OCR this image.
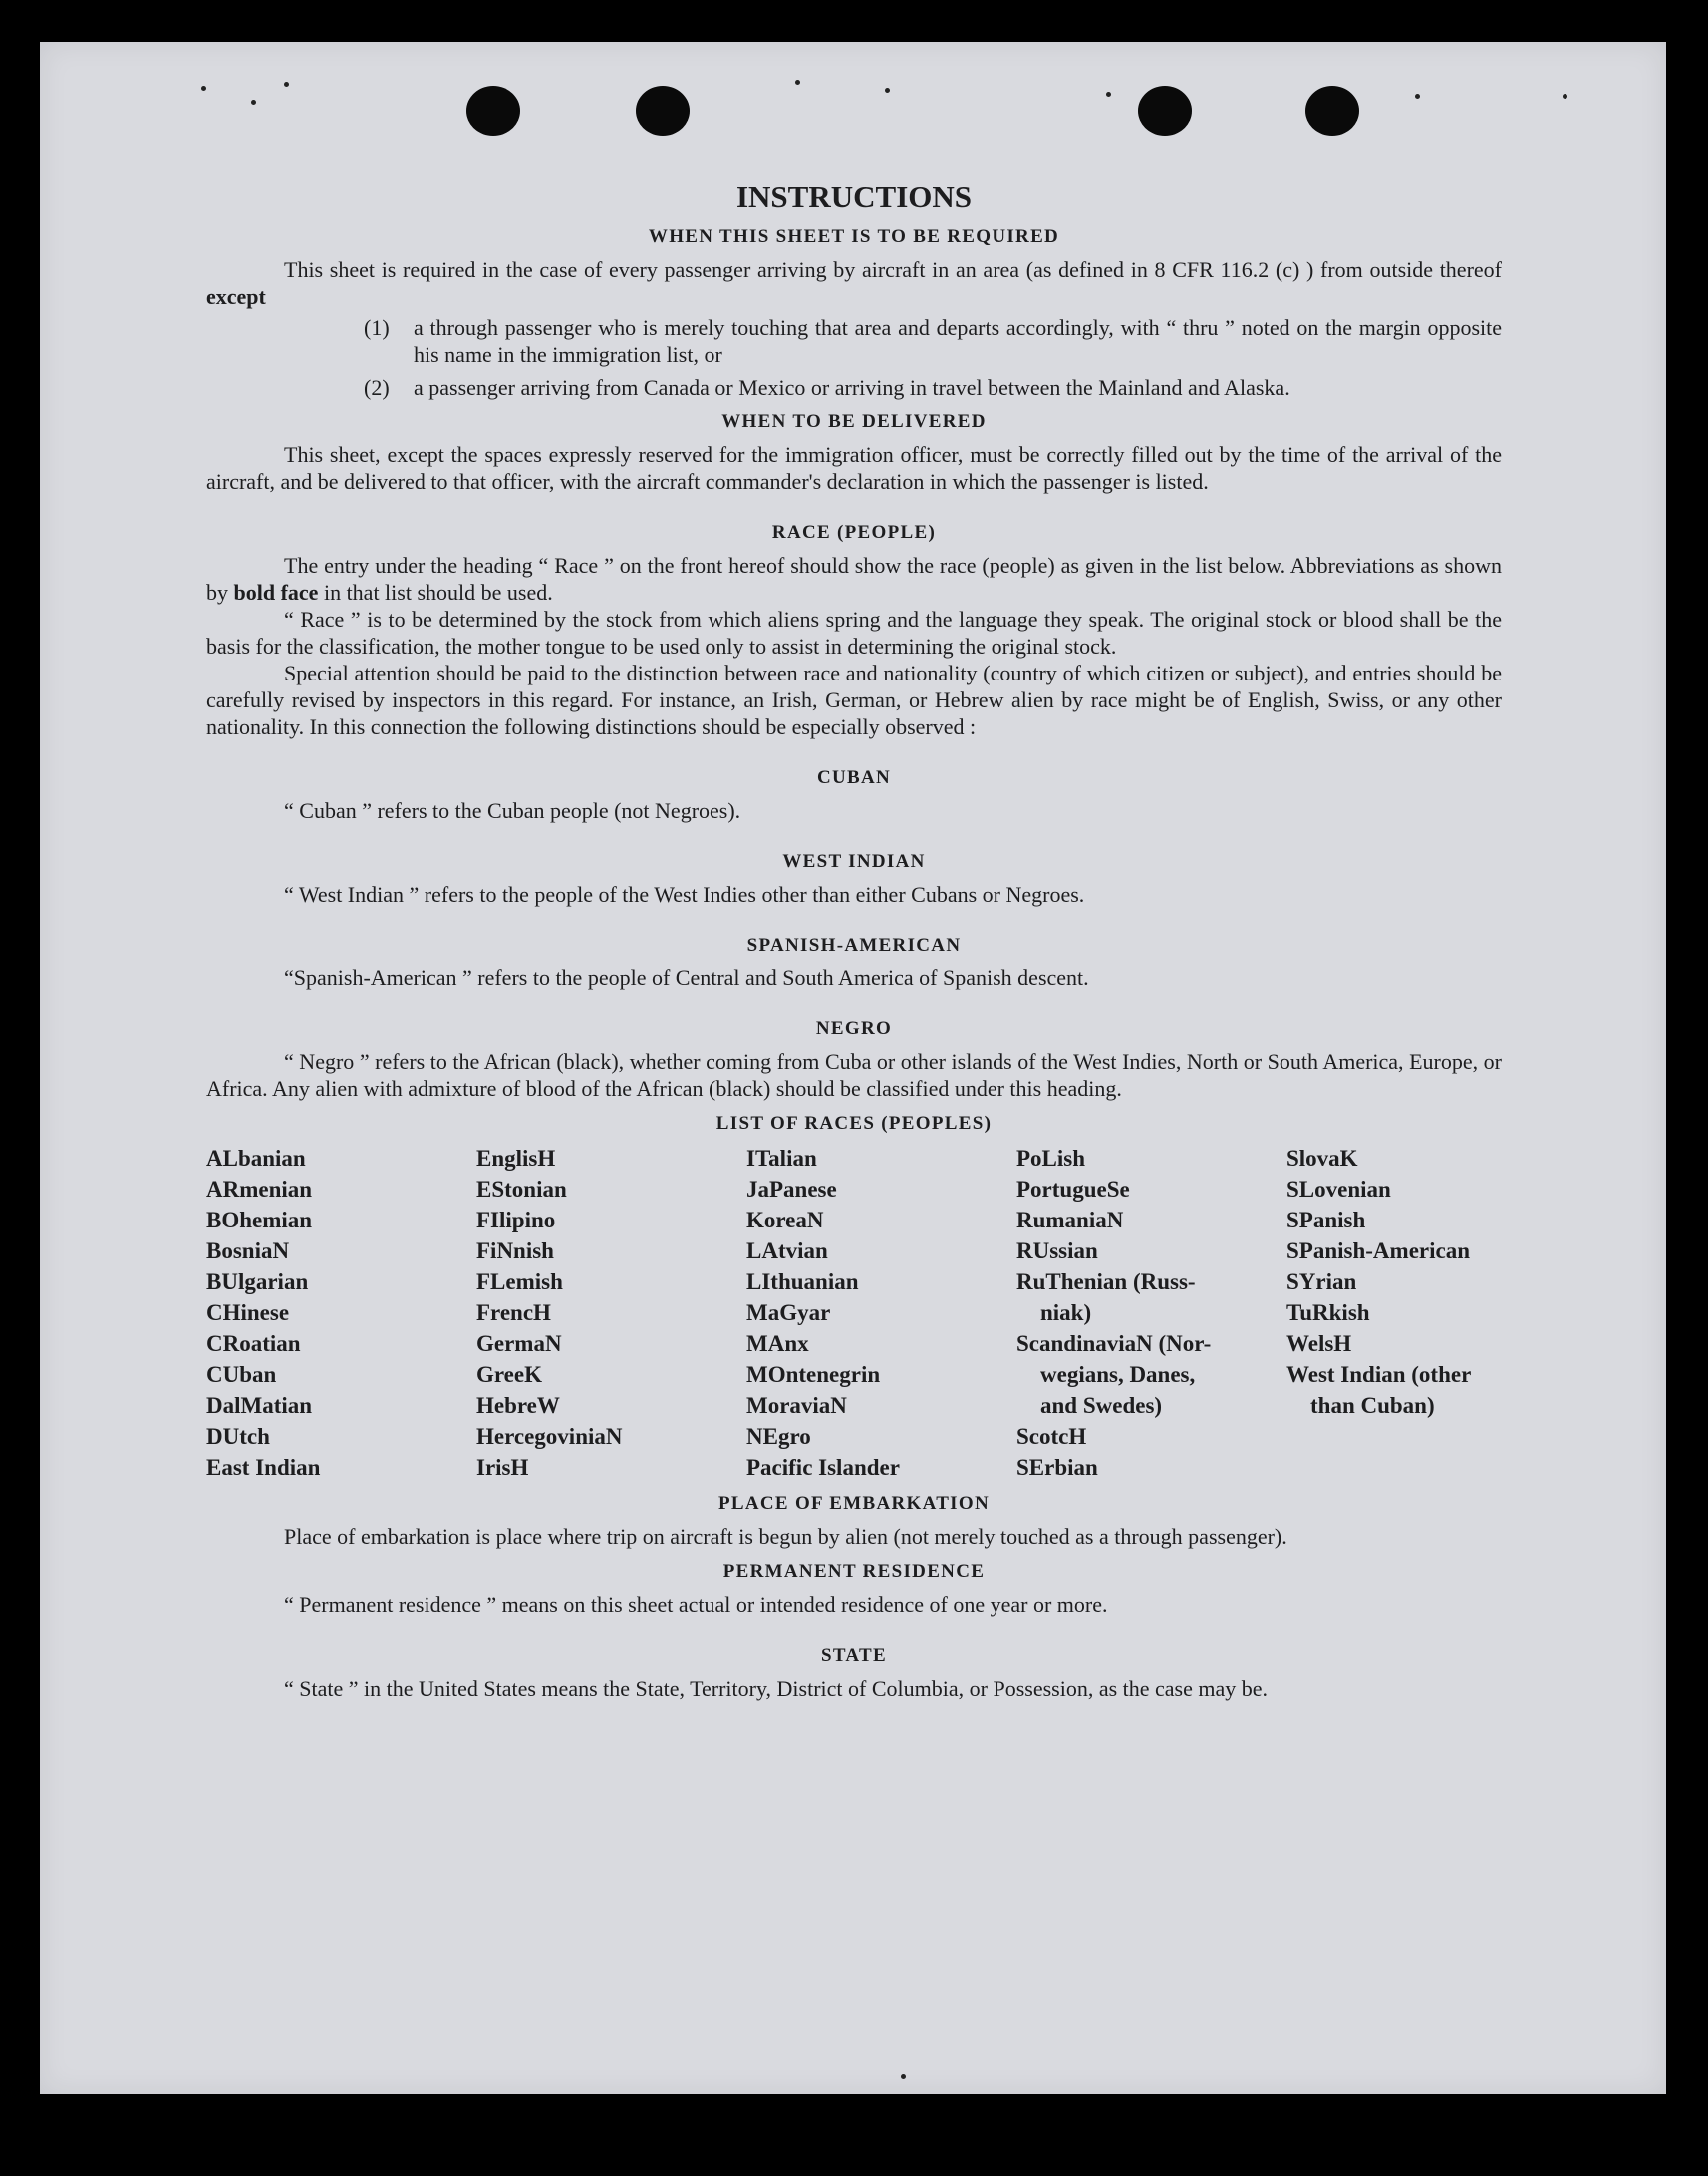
INSTRUCTIONS
WHEN THIS SHEET IS TO BE REQUIRED

This sheet is required in the case of every passenger arriving by aircraft in an area (as defined in 8 CFR 116.2 (c) ) from outside thereof except

(1)	a through passenger who is merely touching that area and departs accordingly, with “ thru ” noted on the margin opposite his name in the immigration list, or
(2)	a passenger arriving from Canada or Mexico or arriving in travel between the Mainland and Alaska.
WHEN TO BE DELIVERED

This sheet, except the spaces expressly reserved for the immigration officer, must be correctly filled out by the time of the arrival of the aircraft, and be delivered to that officer, with the aircraft commander's declaration in which the passenger is listed.

RACE (PEOPLE)

The entry under the heading “ Race ” on the front hereof should show the race (people) as given in the list below. Abbreviations as shown by bold face in that list should be used.

“ Race ” is to be determined by the stock from which aliens spring and the language they speak. The original stock or blood shall be the basis for the classification, the mother tongue to be used only to assist in determining the original stock.

Special attention should be paid to the distinction between race and nationality (country of which citizen or subject), and entries should be carefully revised by inspectors in this regard. For instance, an Irish, German, or Hebrew alien by race might be of English, Swiss, or any other nationality. In this connection the following distinctions should be especially observed :

CUBAN

“ Cuban ” refers to the Cuban people (not Negroes).

WEST INDIAN

“ West Indian ” refers to the people of the West Indies other than either Cubans or Negroes.

SPANISH-AMERICAN

“Spanish-American ” refers to the people of Central and South America of Spanish descent.

NEGRO

“ Negro ” refers to the African (black), whether coming from Cuba or other islands of the West Indies, North or South America, Europe, or Africa. Any alien with admixture of blood of the African (black) should be classified under this heading.

LIST OF RACES (PEOPLES)
ALbanian
ARmenian
BOhemian
BosniaN
BUlgarian
CHinese
CRoatian
CUban
DalMatian
DUtch
East Indian
EnglisH
EStonian
FIlipino
FiNnish
FLemish
FrencH
GermaN
GreeK
HebreW
HercegoviniaN
IrisH
ITalian
JaPanese
KoreaN
LAtvian
LIthuanian
MaGyar
MAnx
MOntenegrin
MoraviaN
NEgro
Pacific Islander
PoLish
PortugueSe
RumaniaN
RUssian
RuThenian (Russ-
niak)
ScandinaviaN (Nor-
wegians, Danes,
and Swedes)
ScotcH
SErbian
SlovaK
SLovenian
SPanish
SPanish-American
SYrian
TuRkish
WelsH
West Indian (other
than Cuban)
PLACE OF EMBARKATION

Place of embarkation is place where trip on aircraft is begun by alien (not merely touched as a through passenger).

PERMANENT RESIDENCE

“ Permanent residence ” means on this sheet actual or intended residence of one year or more.

STATE

“ State ” in the United States means the State, Territory, District of Columbia, or Possession, as the case may be.
